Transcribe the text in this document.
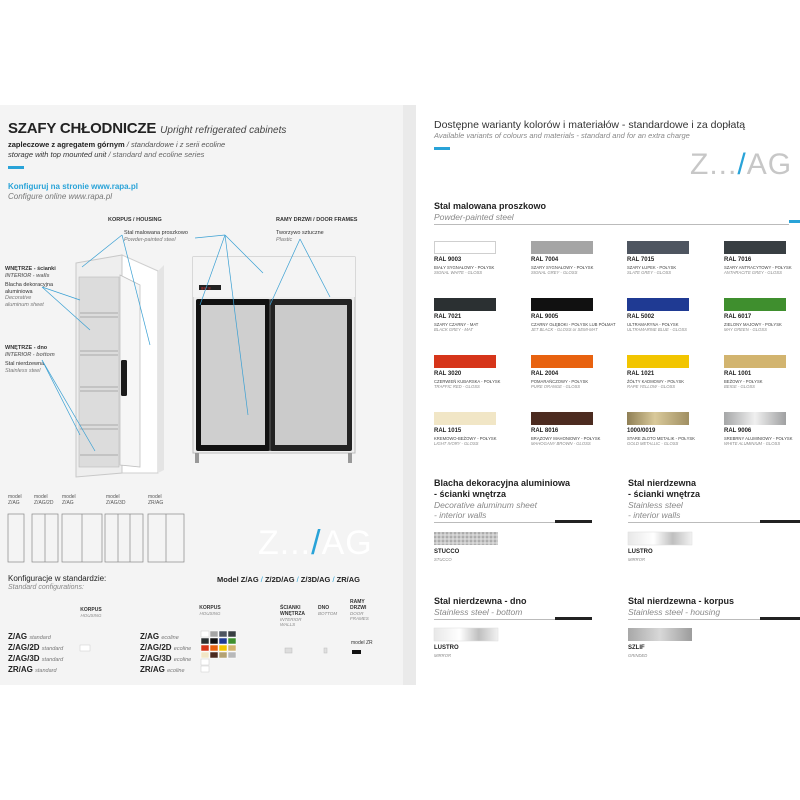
SZAFY CHŁODNICZE Upright refrigerated cabinets
zapleczowe z agregatem górnym / standardowe i z serii ecoline
storage with top mounted unit / standard and ecoline series
Konfiguruj na stronie www.rapa.pl
Configure online www.rapa.pl
KORPUS / HOUSING
Stal malowana proszkowo
Powder-painted steel
RAMY DRZWI / DOOR FRAMES
Tworzywo sztuczne
Plastic
WNĘTRZE - ścianki
INTERIOR - walls
Blacha dekoracyjna
aluminiowa
Decorative
aluminum sheet
WNĘTRZE - dno
INTERIOR - bottom
Stal nierdzewna
Stainless steel
88:8
Z.../AG
model
Z/AG
model
Z/AG/2D
model
Z/AG
model
Z/AG/3D
model
ZR/AG
Konfiguracje w standardzie:
Standard configurations:
Model Z/AG / Z/2D/AG / Z/3D/AG / ZR/AG
KORPUS
HOUSING
KORPUS
HOUSING
ŚCIANKI WNĘTRZA
INTERIOR WALLS
DNO
BOTTOM
RAMY DRZWI
DOOR FRAMES
model ZR
Z/AG standard
Z/AG/2D standard
Z/AG/3D standard
ZR/AG standard
Z/AG ecoline
Z/AG/2D ecoline
Z/AG/3D ecoline
ZR/AG ecoline
Dostępne warianty kolorów i materiałów - standardowe i za dopłatą
Available variants of colours and materials - standard and for an extra charge
Z.../AG
Stal malowana proszkowo
Powder-painted steel
RAL 9003
BIAŁY SYGNAŁOWY - POŁYSK
SIGNAL WHITE - GLOSS
RAL 7004
SZARY SYGNAŁOWY - POŁYSK
SIGNAL GREY - GLOSS
RAL 7015
SZARY ŁUPEK - POŁYSK
SLATE GREY - GLOSS
RAL 7016
SZARY ANTRACYTOWY - POŁYSK
ANTHRACITE GREY - GLOSS
RAL 7021
SZARY CZARNY - MAT
BLACK GREY - MAT
RAL 9005
CZARNY GŁĘBOKI - POŁYSK LUB PÓŁMAT
JET BLACK - GLOSS or SEMI-MAT
RAL 5002
ULTRAMARYNA - POŁYSK
ULTRAMARINE BLUE - GLOSS
RAL 6017
ZIELONY MAJOWY - POŁYSK
MAY GREEN - GLOSS
RAL 3020
CZERWIEŃ KUBARSKA - POŁYSK
TRAFFIC RED - GLOSS
RAL 2004
POMARAŃCZOWY - POŁYSK
PURE ORANGE - GLOSS
RAL 1021
ŻÓŁTY KADMOWY - POŁYSK
RAPE YELLOW - GLOSS
RAL 1001
BEŻOWY - POŁYSK
BEIGE - GLOSS
RAL 1015
KREMOWO-BEŻOWY - POŁYSK
LIGHT IVORY - GLOSS
RAL 8016
BRĄZOWY MAHONIOWY - POŁYSK
MAHOGANY BROWN - GLOSS
1000/0019
STARE ZŁOTO METALIK - POŁYSK
GOLD METALLIC - GLOSS
RAL 9006
SREBRNY ALUMINIOWY - POŁYSK
WHITE ALUMINIUM - GLOSS
Blacha dekoracyjna aluminiowa
- ścianki wnętrza
Decorative aluminum sheet
- interior walls
STUCCO
STUCCO
Stal nierdzewna
- ścianki wnętrza
Stainless steel
- interior walls
LUSTRO
MIRROR
Stal nierdzewna - dno
Stainless steel - bottom
LUSTRO
MIRROR
Stal nierdzewna - korpus
Stainless steel - housing
SZLIF
GRINDED
